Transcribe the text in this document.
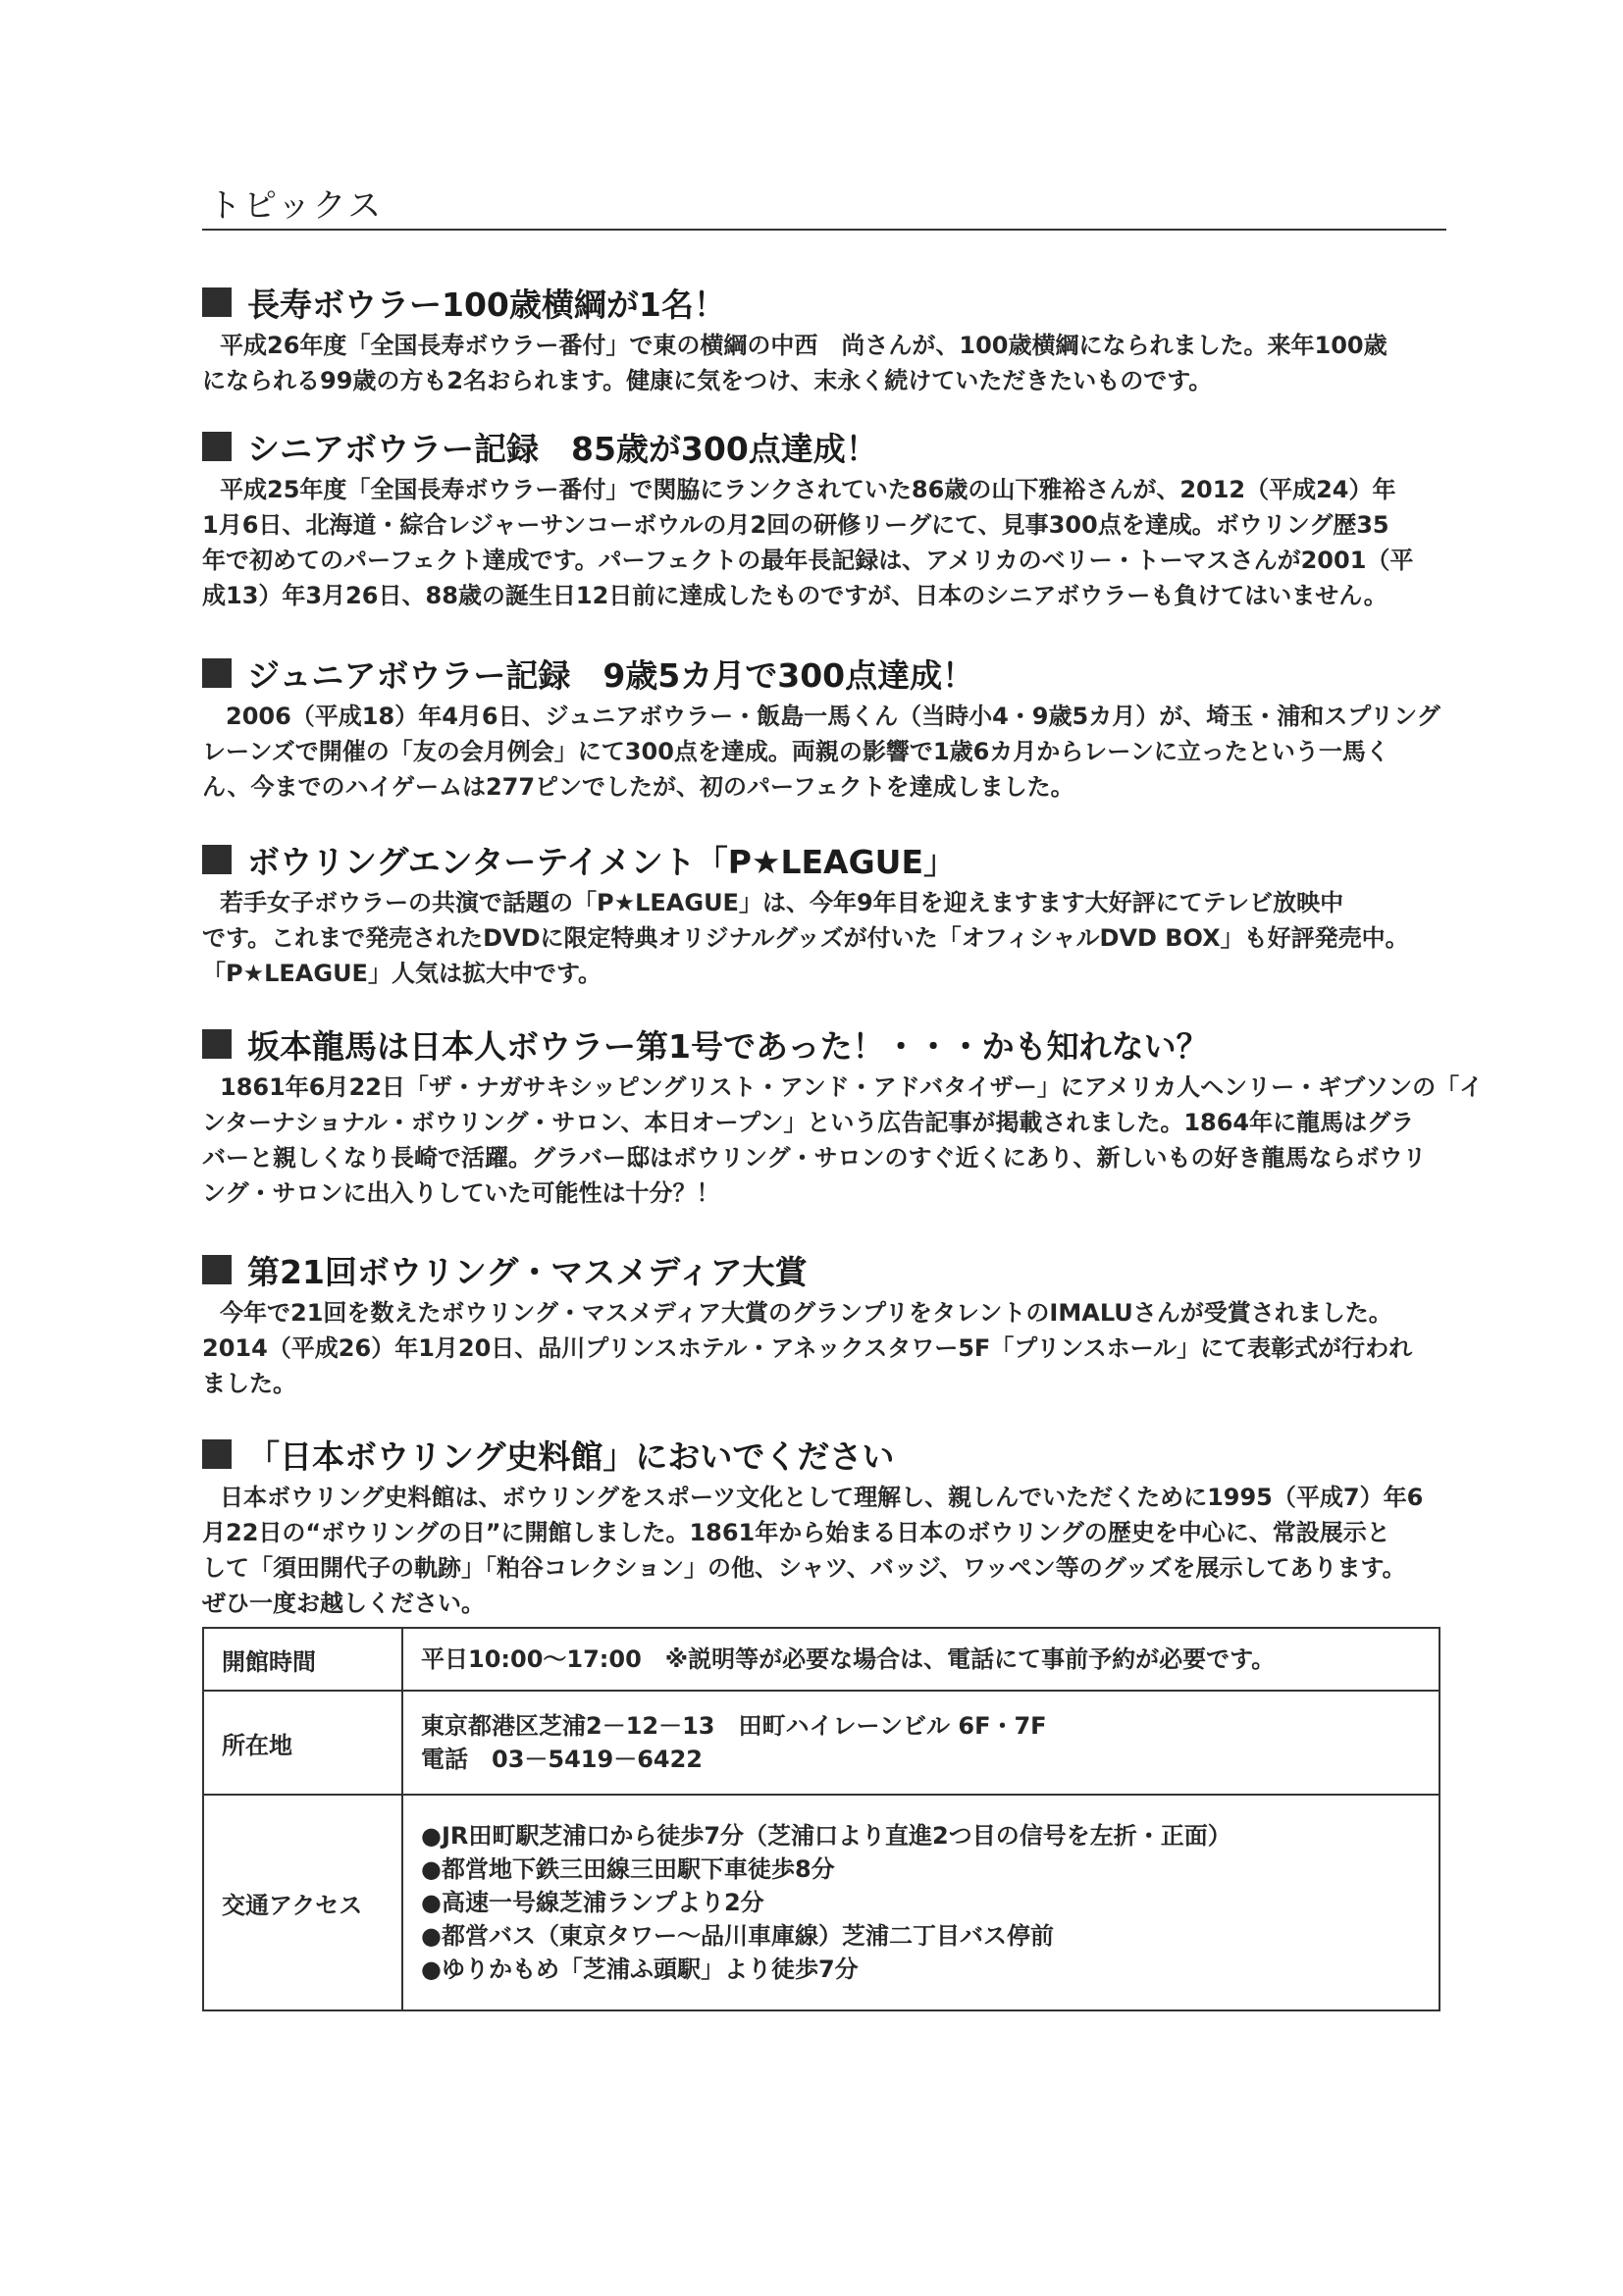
トピックス
長寿ボウラー100歳横綱が1名！
平成26年度「全国長寿ボウラー番付」で東の横綱の中西　尚さんが、100歳横綱になられました。来年100歳
になられる99歳の方も2名おられます。健康に気をつけ、末永く続けていただきたいものです。
シニアボウラー記録　85歳が300点達成！
平成25年度「全国長寿ボウラー番付」で関脇にランクされていた86歳の山下雅裕さんが、2012（平成24）年
1月6日、北海道・綜合レジャーサンコーボウルの月2回の研修リーグにて、見事300点を達成。ボウリング歴35
年で初めてのパーフェクト達成です。パーフェクトの最年長記録は、アメリカのベリー・トーマスさんが2001（平
成13）年3月26日、88歳の誕生日12日前に達成したものですが、日本のシニアボウラーも負けてはいません。
ジュニアボウラー記録　9歳5カ月で300点達成！
2006（平成18）年4月6日、ジュニアボウラー・飯島一馬くん（当時小4・9歳5カ月）が、埼玉・浦和スプリング
レーンズで開催の「友の会月例会」にて300点を達成。両親の影響で1歳6カ月からレーンに立ったという一馬く
ん、今までのハイゲームは277ピンでしたが、初のパーフェクトを達成しました。
ボウリングエンターテイメント「P★LEAGUE」
若手女子ボウラーの共演で話題の「P★LEAGUE」は、今年9年目を迎えますます大好評にてテレビ放映中
です。これまで発売されたDVDに限定特典オリジナルグッズが付いた「オフィシャルDVD BOX」も好評発売中。
「P★LEAGUE」人気は拡大中です。
坂本龍馬は日本人ボウラー第1号であった！・・・かも知れない？
1861年6月22日「ザ・ナガサキシッピングリスト・アンド・アドバタイザー」にアメリカ人ヘンリー・ギブソンの「イ
ンターナショナル・ボウリング・サロン、本日オープン」という広告記事が掲載されました。1864年に龍馬はグラ
バーと親しくなり長崎で活躍。グラバー邸はボウリング・サロンのすぐ近くにあり、新しいもの好き龍馬ならボウリ
ング・サロンに出入りしていた可能性は十分？！
第21回ボウリング・マスメディア大賞
今年で21回を数えたボウリング・マスメディア大賞のグランプリをタレントのIMALUさんが受賞されました。
2014（平成26）年1月20日、品川プリンスホテル・アネックスタワー5F「プリンスホール」にて表彰式が行われ
ました。
「日本ボウリング史料館」においでください
日本ボウリング史料館は、ボウリングをスポーツ文化として理解し、親しんでいただくために1995（平成7）年6
月22日の“ボウリングの日”に開館しました。1861年から始まる日本のボウリングの歴史を中心に、常設展示と
して「須田開代子の軌跡」「粕谷コレクション」の他、シャツ、バッジ、ワッペン等のグッズを展示してあります。
ぜひ一度お越しください。
開館時間	平日10:00～17:00　※説明等が必要な場合は、電話にて事前予約が必要です。

所在地	東京都港区芝浦2－12－13　田町ハイレーンビル 6F・7F
電話　03－5419－6422

交通アクセス	●JR田町駅芝浦口から徒歩7分（芝浦口より直進2つ目の信号を左折・正面）
●都営地下鉄三田線三田駅下車徒歩8分
●高速一号線芝浦ランプより2分
●都営バス（東京タワー～品川車庫線）芝浦二丁目バス停前
●ゆりかもめ「芝浦ふ頭駅」より徒歩7分
